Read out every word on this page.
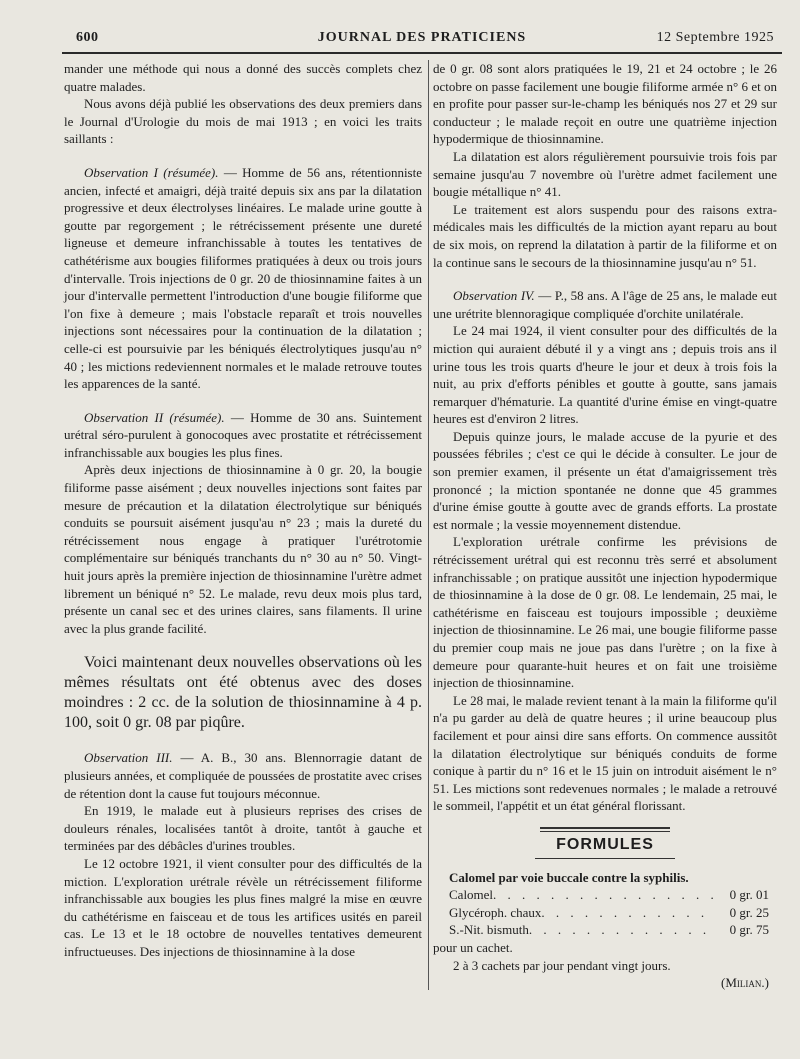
600	JOURNAL DES PRATICIENS	12 Septembre 1925

mander une méthode qui nous a donné des succès complets chez quatre malades.

Nous avons déjà publié les observations des deux premiers dans le Journal d'Urologie du mois de mai 1913 ; en voici les traits saillants :

Observation I (résumée). — Homme de 56 ans, rétentionniste ancien, infecté et amaigri, déjà traité depuis six ans par la dilatation progressive et deux électrolyses linéaires. Le malade urine goutte à goutte par regorgement ; le rétrécissement présente une dureté ligneuse et demeure infranchissable à toutes les tentatives de cathétérisme aux bougies filiformes pratiquées à deux ou trois jours d'intervalle. Trois injections de 0 gr. 20 de thiosinnamine faites à un jour d'intervalle permettent l'introduction d'une bougie filiforme que l'on fixe à demeure ; mais l'obstacle reparaît et trois nouvelles injections sont nécessaires pour la continuation de la dilatation ; celle-ci est poursuivie par les béniqués électrolytiques jusqu'au n° 40 ; les mictions redeviennent normales et le malade retrouve toutes les apparences de la santé.

Observation II (résumée). — Homme de 30 ans. Suintement urétral séro-purulent à gonocoques avec prostatite et rétrécissement infranchissable aux bougies les plus fines.

Après deux injections de thiosinnamine à 0 gr. 20, la bougie filiforme passe aisément ; deux nouvelles injections sont faites par mesure de précaution et la dilatation électrolytique sur béniqués conduits se poursuit aisément jusqu'au n° 23 ; mais la dureté du rétrécissement nous engage à pratiquer l'urétrotomie complémentaire sur béniqués tranchants du n° 30 au n° 50. Vingt-huit jours après la première injection de thiosinnamine l'urètre admet librement un béniqué n° 52. Le malade, revu deux mois plus tard, présente un canal sec et des urines claires, sans filaments. Il urine avec la plus grande facilité.

Voici maintenant deux nouvelles observations où les mêmes résultats ont été obtenus avec des doses moindres : 2 cc. de la solution de thiosinnamine à 4 p. 100, soit 0 gr. 08 par piqûre.

Observation III. — A. B., 30 ans. Blennorragie datant de plusieurs années, et compliquée de poussées de prostatite avec crises de rétention dont la cause fut toujours méconnue.

En 1919, le malade eut à plusieurs reprises des crises de douleurs rénales, localisées tantôt à droite, tantôt à gauche et terminées par des débâcles d'urines troubles.

Le 12 octobre 1921, il vient consulter pour des difficultés de la miction. L'exploration urétrale révèle un rétrécissement filiforme infranchissable aux bougies les plus fines malgré la mise en œuvre du cathétérisme en faisceau et de tous les artifices usités en pareil cas. Le 13 et le 18 octobre de nouvelles tentatives demeurent infructueuses. Des injections de thiosinnamine à la dose

de 0 gr. 08 sont alors pratiquées le 19, 21 et 24 octobre ; le 26 octobre on passe facilement une bougie filiforme armée n° 6 et on en profite pour passer sur-le-champ les béniqués nos 27 et 29 sur conducteur ; le malade reçoit en outre une quatrième injection hypodermique de thiosinnamine.

La dilatation est alors régulièrement poursuivie trois fois par semaine jusqu'au 7 novembre où l'urètre admet facilement une bougie métallique n° 41.

Le traitement est alors suspendu pour des raisons extra-médicales mais les difficultés de la miction ayant reparu au bout de six mois, on reprend la dilatation à partir de la filiforme et on la continue sans le secours de la thiosinnamine jusqu'au n° 51.

Observation IV. — P., 58 ans. A l'âge de 25 ans, le malade eut une urétrite blennoragique compliquée d'orchite unilatérale.

Le 24 mai 1924, il vient consulter pour des difficultés de la miction qui auraient débuté il y a vingt ans ; depuis trois ans il urine tous les trois quarts d'heure le jour et deux à trois fois la nuit, au prix d'efforts pénibles et goutte à goutte, sans jamais remarquer d'hématurie. La quantité d'urine émise en vingt-quatre heures est d'environ 2 litres.

Depuis quinze jours, le malade accuse de la pyurie et des poussées fébriles ; c'est ce qui le décide à consulter. Le jour de son premier examen, il présente un état d'amaigrissement très prononcé ; la miction spontanée ne donne que 45 grammes d'urine émise goutte à goutte avec de grands efforts. La prostate est normale ; la vessie moyennement distendue.

L'exploration urétrale confirme les prévisions de rétrécissement urétral qui est reconnu très serré et absolument infranchissable ; on pratique aussitôt une injection hypodermique de thiosinnamine à la dose de 0 gr. 08. Le lendemain, 25 mai, le cathétérisme en faisceau est toujours impossible ; deuxième injection de thiosinnamine. Le 26 mai, une bougie filiforme passe du premier coup mais ne joue pas dans l'urètre ; on la fixe à demeure pour quarante-huit heures et on fait une troisième injection de thiosinnamine.

Le 28 mai, le malade revient tenant à la main la filiforme qu'il n'a pu garder au delà de quatre heures ; il urine beaucoup plus facilement et pour ainsi dire sans efforts. On commence aussitôt la dilatation électrolytique sur béniqués conduits de forme conique à partir du n° 16 et le 15 juin on introduit aisément le n° 51. Les mictions sont redevenues normales ; le malade a retrouvé le sommeil, l'appétit et un état général florissant.

FORMULES

Calomel par voie buccale contre la syphilis.

Calomel . . .	0 gr. 01
Glycéroph. chaux . . .	0 gr. 25
S.-Nit. bismuth . . .	0 gr. 75

pour un cachet.

2 à 3 cachets par jour pendant vingt jours.

(Milian.)
